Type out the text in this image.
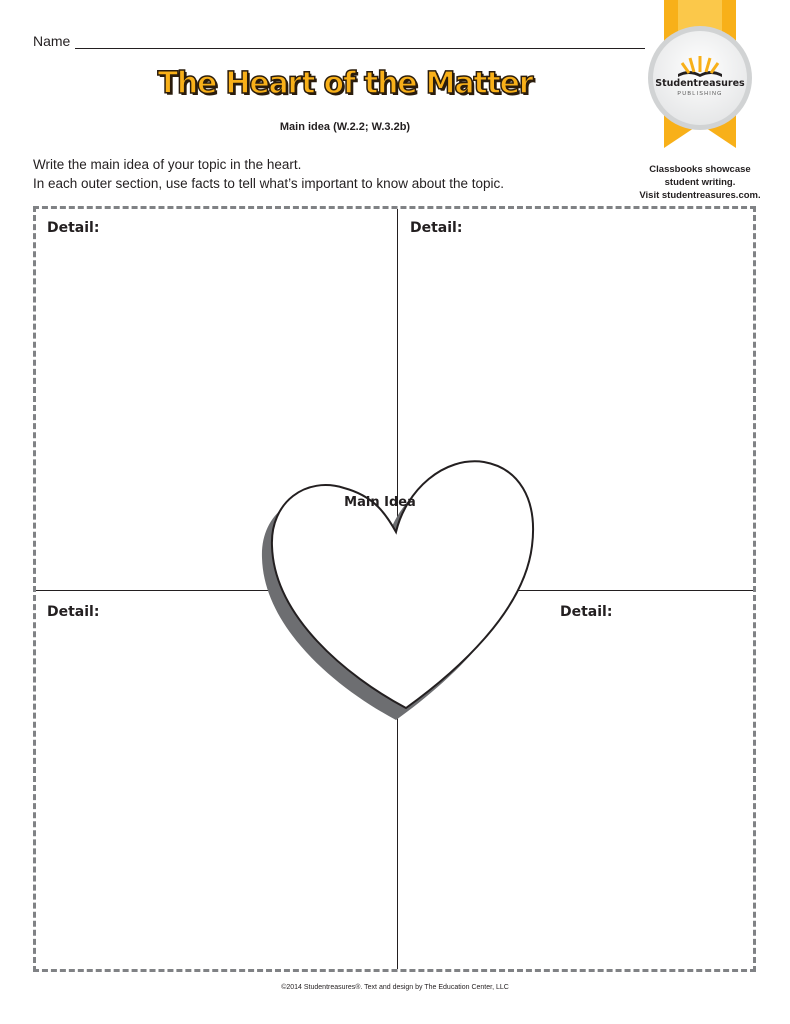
Name
The Heart of the Matter
Main idea (W.2.2; W.3.2b)
Write the main idea of your topic in the heart.
In each outer section, use facts to tell what’s important to know about the topic.
Studentreasures
PUBLISHING
Classbooks showcase
student writing.
Visit studentreasures.com.
Detail:	Detail:
Detail:	Detail:
Main Idea
©2014 Studentreasures®. Text and design by The Education Center, LLC
